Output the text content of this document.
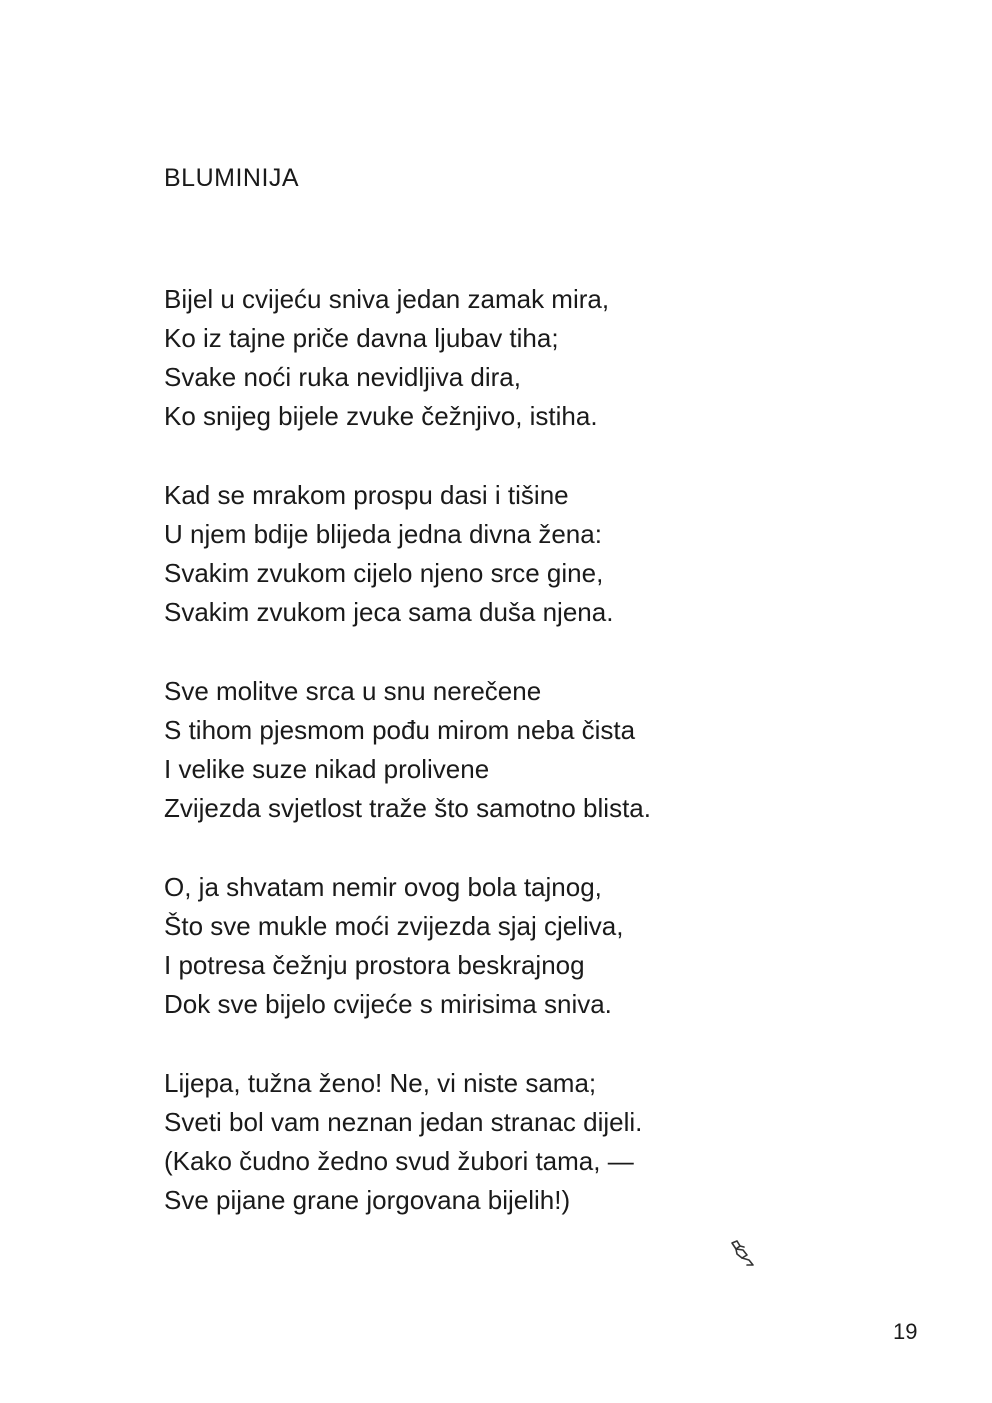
BLUMINIJA
Bijel u cvijeću sniva jedan zamak mira,
Ko iz tajne priče davna ljubav tiha;
Svake noći ruka nevidljiva dira,
Ko snijeg bijele zvuke čežnjivo, istiha.
Kad se mrakom prospu dasi i tišine
U njem bdije blijeda jedna divna žena:
Svakim zvukom cijelo njeno srce gine,
Svakim zvukom jeca sama duša njena.
Sve molitve srca u snu nerečene
S tihom pjesmom pođu mirom neba čista
I velike suze nikad prolivene
Zvijezda svjetlost traže što samotno blista.
O, ja shvatam nemir ovog bola tajnog,
Što sve mukle moći zvijezda sjaj cjeliva,
I potresa čežnju prostora beskrajnog
Dok sve bijelo cvijeće s mirisima sniva.
Lijepa, tužna ženo! Ne, vi niste sama;
Sveti bol vam neznan jedan stranac dijeli.
(Kako čudno žedno svud žubori tama, —
Sve pijane grane jorgovana bijelih!)
19
